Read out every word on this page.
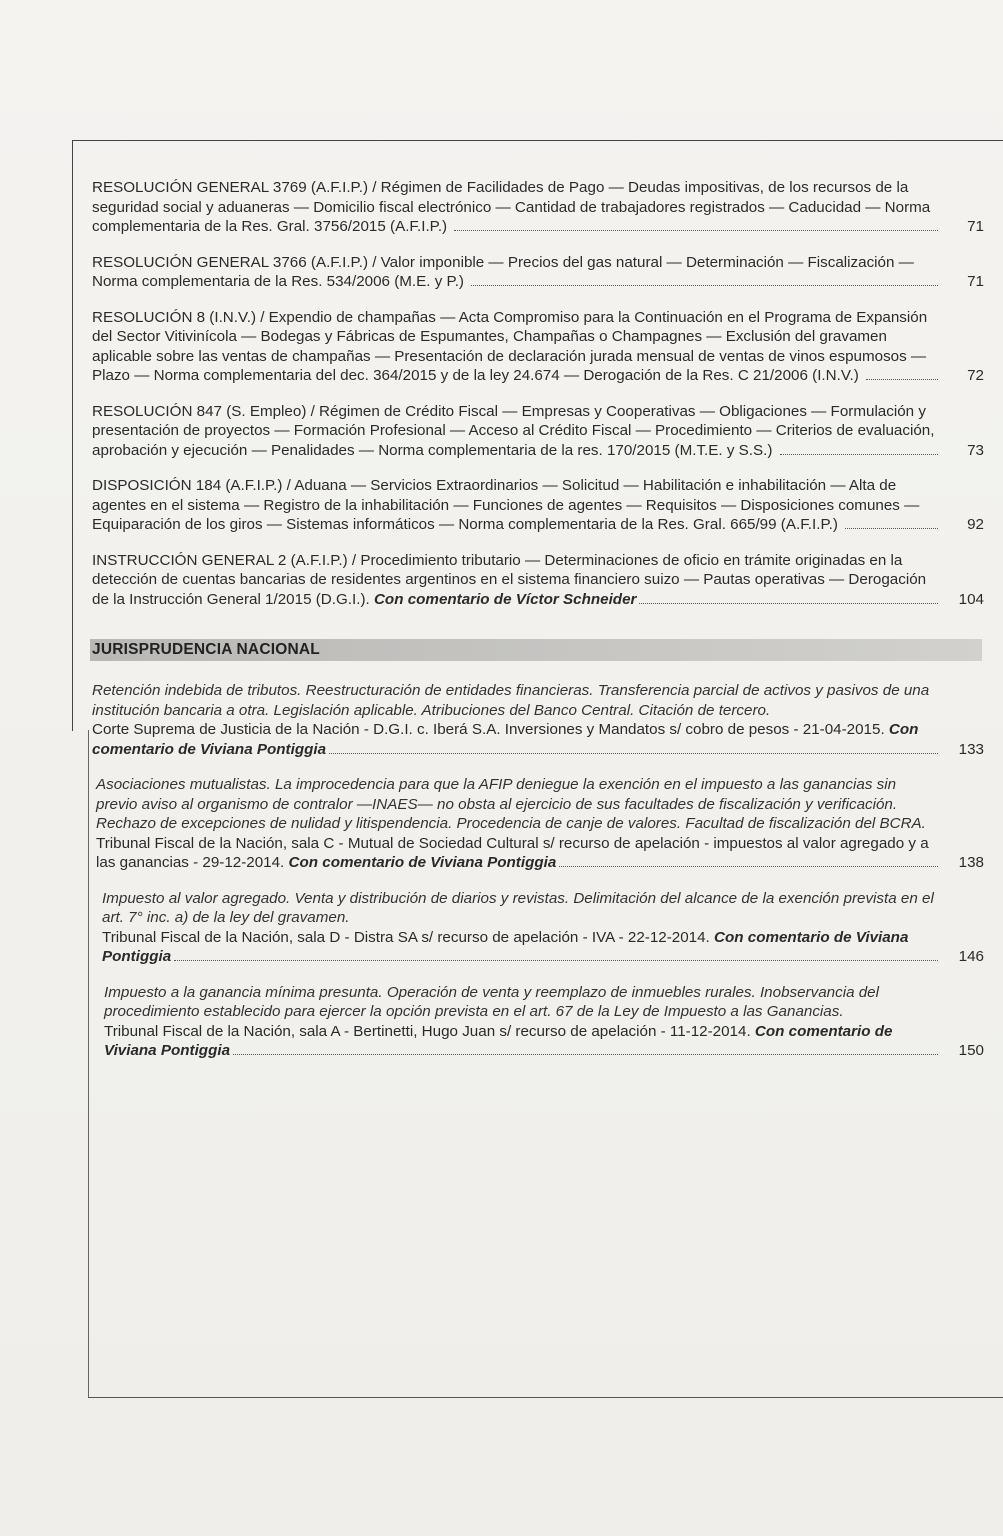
RESOLUCIÓN GENERAL 3769 (A.F.I.P.) / Régimen de Facilidades de Pago — Deudas impositivas, de los recursos de la seguridad social y aduaneras — Domicilio fiscal electrónico — Cantidad de trabajadores registrados — Caducidad — Norma complementaria de la Res. Gral. 3756/2015 (A.F.I.P.)	71
RESOLUCIÓN GENERAL 3766 (A.F.I.P.) / Valor imponible — Precios del gas natural — Determinación — Fiscalización — Norma complementaria de la Res. 534/2006 (M.E. y P.)	71
RESOLUCIÓN 8 (I.N.V.) / Expendio de champañas — Acta Compromiso para la Continuación en el Programa de Expansión del Sector Vitivinícola — Bodegas y Fábricas de Espumantes, Champañas o Champagnes — Exclusión del gravamen aplicable sobre las ventas de champañas — Presentación de declaración jurada mensual de ventas de vinos espumosos — Plazo — Norma complementaria del dec. 364/2015 y de la ley 24.674 — Derogación de la Res. C 21/2006 (I.N.V.)	72
RESOLUCIÓN 847 (S. Empleo) / Régimen de Crédito Fiscal — Empresas y Cooperativas — Obligaciones — Formulación y presentación de proyectos — Formación Profesional — Acceso al Crédito Fiscal — Procedimiento — Criterios de evaluación, aprobación y ejecución — Penalidades — Norma complementaria de la res. 170/2015 (M.T.E. y S.S.)	73
DISPOSICIÓN 184 (A.F.I.P.) / Aduana — Servicios Extraordinarios — Solicitud — Habilitación e inhabilitación — Alta de agentes en el sistema — Registro de la inhabilitación — Funciones de agentes — Requisitos — Disposiciones comunes — Equiparación de los giros — Sistemas informáticos — Norma complementaria de la Res. Gral. 665/99 (A.F.I.P.)	92
INSTRUCCIÓN GENERAL 2 (A.F.I.P.) / Procedimiento tributario — Determinaciones de oficio en trámite originadas en la detección de cuentas bancarias de residentes argentinos en el sistema financiero suizo — Pautas operativas — Derogación de la Instrucción General 1/2015 (D.G.I.). Con comentario de Víctor Schneider	104
JURISPRUDENCIA NACIONAL
Retención indebida de tributos. Reestructuración de entidades financieras. Transferencia parcial de activos y pasivos de una institución bancaria a otra. Legislación aplicable. Atribuciones del Banco Central. Citación de tercero.
Corte Suprema de Justicia de la Nación - D.G.I. c. Iberá S.A. Inversiones y Mandatos s/ cobro de pesos - 21-04-2015. Con comentario de Viviana Pontiggia	133
Asociaciones mutualistas. La improcedencia para que la AFIP deniegue la exención en el impuesto a las ganancias sin previo aviso al organismo de contralor —INAES— no obsta al ejercicio de sus facultades de fiscalización y verificación. Rechazo de excepciones de nulidad y litispendencia. Procedencia de canje de valores. Facultad de fiscalización del BCRA.
Tribunal Fiscal de la Nación, sala C - Mutual de Sociedad Cultural s/ recurso de apelación - impuestos al valor agregado y a las ganancias - 29-12-2014. Con comentario de Viviana Pontiggia	138
Impuesto al valor agregado. Venta y distribución de diarios y revistas. Delimitación del alcance de la exención prevista en el art. 7° inc. a) de la ley del gravamen.
Tribunal Fiscal de la Nación, sala D - Distra SA s/ recurso de apelación - IVA - 22-12-2014. Con comentario de Viviana Pontiggia	146
Impuesto a la ganancia mínima presunta. Operación de venta y reemplazo de inmuebles rurales. Inobservancia del procedimiento establecido para ejercer la opción prevista en el art. 67 de la Ley de Impuesto a las Ganancias.
Tribunal Fiscal de la Nación, sala A - Bertinetti, Hugo Juan s/ recurso de apelación - 11-12-2014. Con comentario de Viviana Pontiggia	150
